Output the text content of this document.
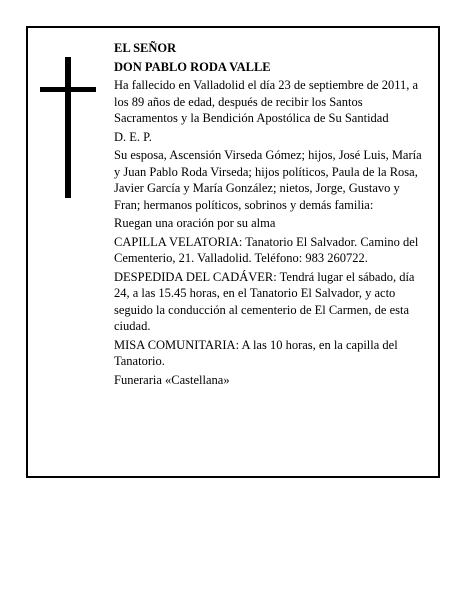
EL SEÑOR

DON PABLO RODA VALLE

Ha fallecido en Valladolid el día 23 de septiembre de 2011, a los 89 años de edad, después de recibir los Santos Sacramentos y la Bendición Apostólica de Su Santidad

D. E. P.

Su esposa, Ascensión Virseda Gómez; hijos, José Luis, María y Juan Pablo Roda Virseda; hijos políticos, Paula de la Rosa, Javier García y María González; nietos, Jorge, Gustavo y Fran; hermanos políticos, sobrinos y demás familia:

Ruegan una oración por su alma

CAPILLA VELATORIA: Tanatorio El Salvador. Camino del Cementerio, 21. Valladolid. Teléfono: 983 260722.

DESPEDIDA DEL CADÁVER: Tendrá lugar el sábado, día 24, a las 15.45 horas, en el Tanatorio El Salvador, y acto seguido la conducción al cementerio de El Carmen, de esta ciudad.

MISA COMUNITARIA: A las 10 horas, en la capilla del Tanatorio.

Funeraria «Castellana»
